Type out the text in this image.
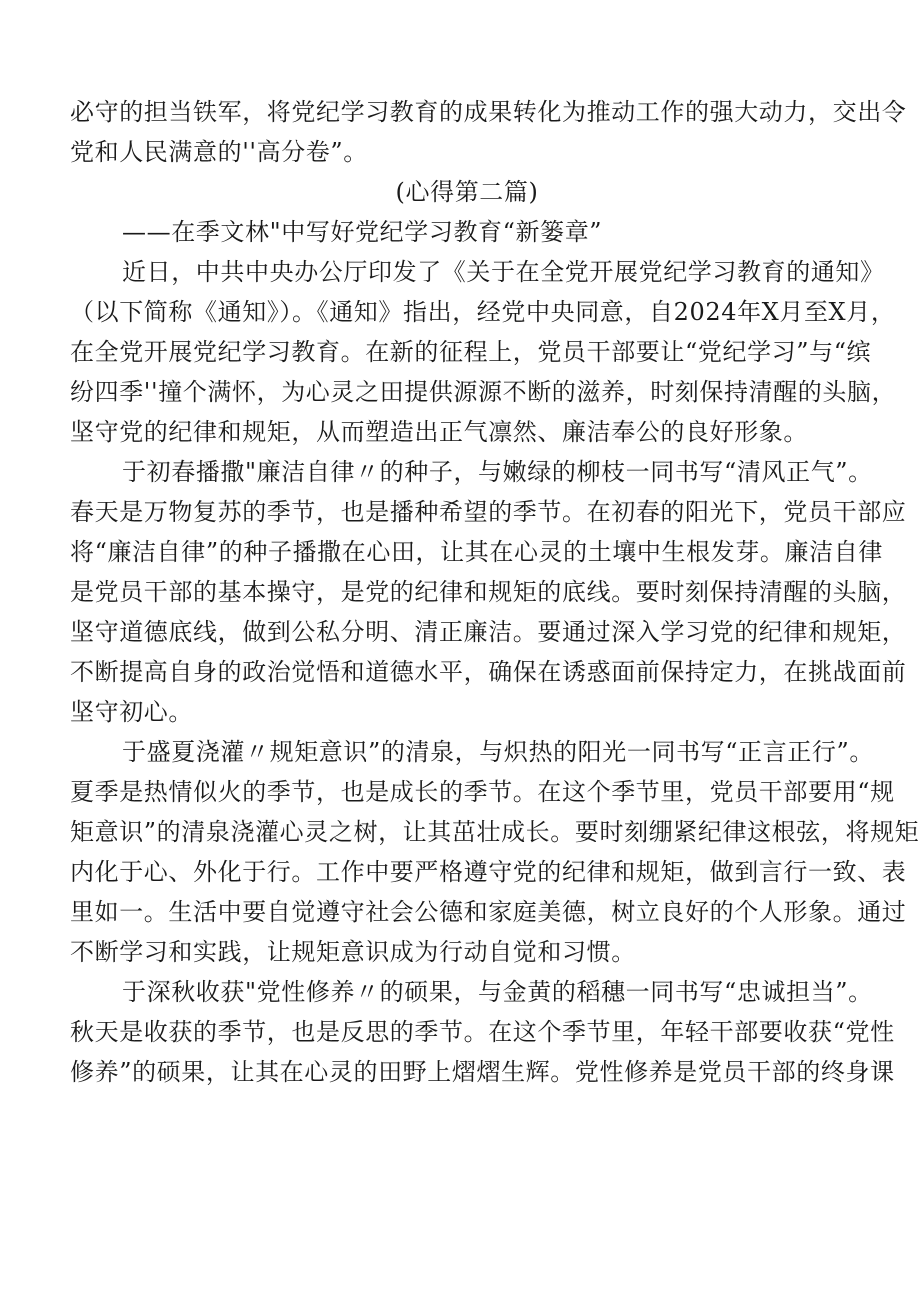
必守的担当铁军，将党纪学习教育的成果转化为推动工作的强大动力，交出令
党和人民满意的''高分卷”。
(心得第二篇)
——在季文林"中写好党纪学习教育“新篓章”
近日，中共中央办公厅印发了《关于在全党开展党纪学习教育的通知》
（以下简称《通知》）。《通知》指出，经党中央同意，自2024年X月至X月，
在全党开展党纪学习教育。在新的征程上，党员干部要让“党纪学习”与“缤
纷四季''撞个满怀，为心灵之田提供源源不断的滋养，时刻保持清醒的头脑，
坚守党的纪律和规矩，从而塑造出正气凛然、廉洁奉公的良好形象。
于初春播撒"廉洁自律〃的种子，与嫩绿的柳枝一同书写“清风正气”。
春天是万物复苏的季节，也是播种希望的季节。在初春的阳光下，党员干部应
将“廉洁自律”的种子播撒在心田，让其在心灵的土壤中生根发芽。廉洁自律
是党员干部的基本操守，是党的纪律和规矩的底线。要时刻保持清醒的头脑，
坚守道德底线，做到公私分明、清正廉洁。要通过深入学习党的纪律和规矩，
不断提高自身的政治觉悟和道德水平，确保在诱惑面前保持定力，在挑战面前
坚守初心。
于盛夏浇灌〃规矩意识”的清泉，与炽热的阳光一同书写“正言正行”。
夏季是热情似火的季节，也是成长的季节。在这个季节里，党员干部要用“规
矩意识”的清泉浇灌心灵之树，让其茁壮成长。要时刻绷紧纪律这根弦，将规矩
内化于心、外化于行。工作中要严格遵守党的纪律和规矩，做到言行一致、表
里如一。生活中要自觉遵守社会公德和家庭美德，树立良好的个人形象。通过
不断学习和实践，让规矩意识成为行动自觉和习惯。
于深秋收获"党性修养〃的硕果，与金黄的稻穗一同书写“忠诚担当”。
秋天是收获的季节，也是反思的季节。在这个季节里，年轻干部要收获“党性
修养”的硕果，让其在心灵的田野上熠熠生辉。党性修养是党员干部的终身课
